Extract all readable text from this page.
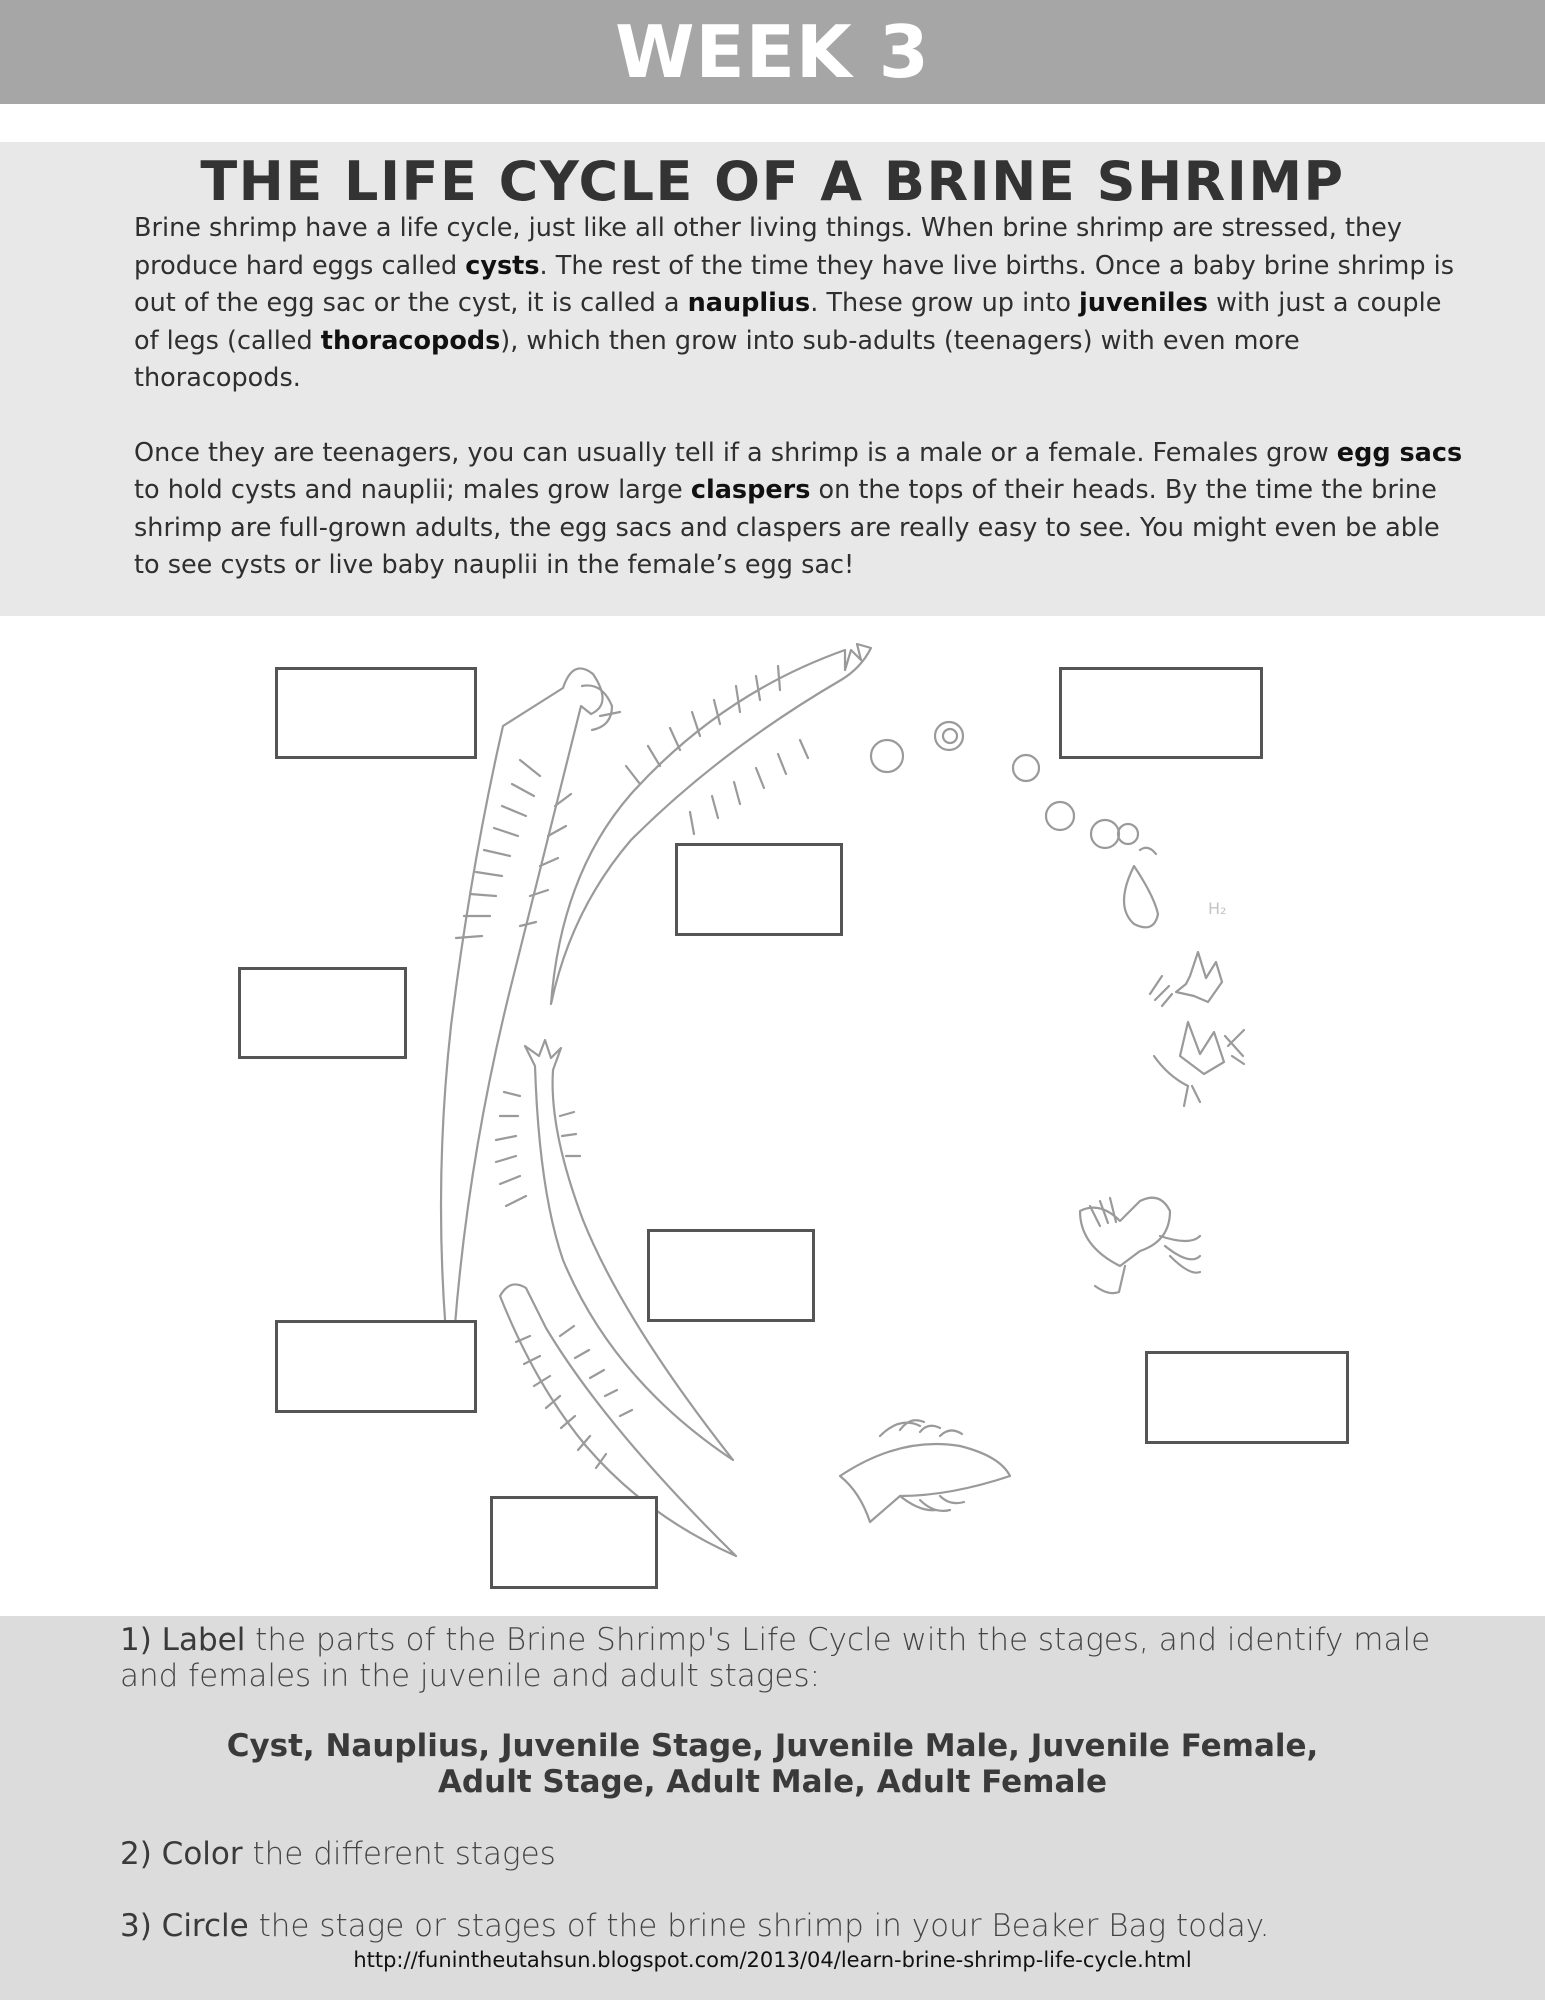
WEEK 3
THE LIFE CYCLE OF A BRINE SHRIMP

Brine shrimp have a life cycle, just like all other living things. When brine shrimp are stressed, they produce hard eggs called cysts. The rest of the time they have live births. Once a baby brine shrimp is out of the egg sac or the cyst, it is called a nauplius. These grow up into juveniles with just a couple of legs (called thoracopods), which then grow into sub-adults (teenagers) with even more thoracopods.

Once they are teenagers, you can usually tell if a shrimp is a male or a female. Females grow egg sacs to hold cysts and nauplii; males grow large claspers on the tops of their heads. By the time the brine shrimp are full-grown adults, the egg sacs and claspers are really easy to see. You might even be able to see cysts or live baby nauplii in the female’s egg sac!

H₂

1) Label the parts of the Brine Shrimp's Life Cycle with the stages, and identify male and females in the juvenile and adult stages:

Cyst, Nauplius, Juvenile Stage, Juvenile Male, Juvenile Female,

Adult Stage, Adult Male, Adult Female

2) Color the different stages

3) Circle the stage or stages of the brine shrimp in your Beaker Bag today.

http://funintheutahsun.blogspot.com/2013/04/learn-brine-shrimp-life-cycle.html
